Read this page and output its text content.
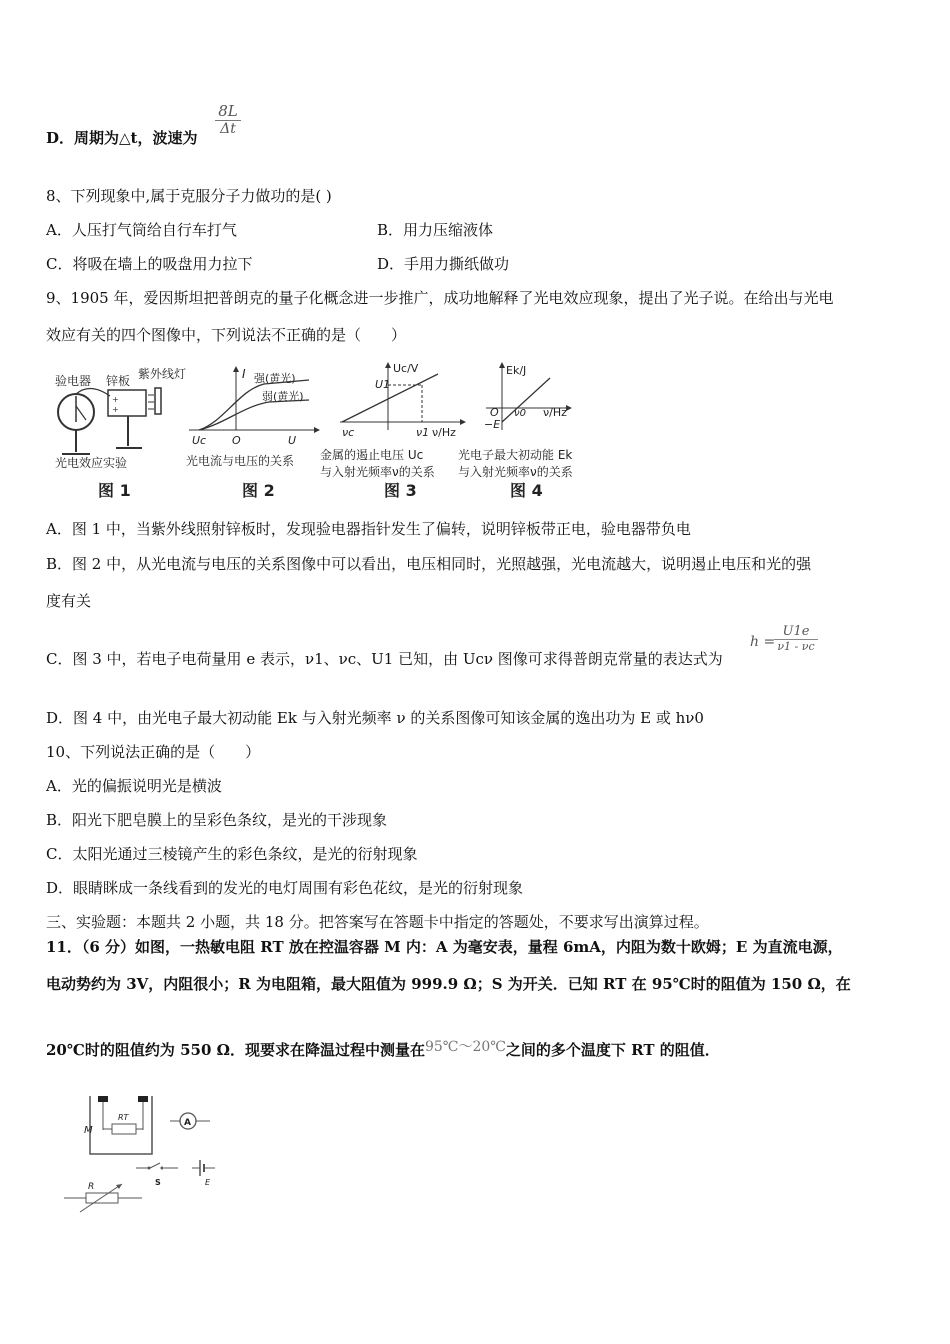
D．周期为△t，波速为
$\frac{8L}{\Delta t}$
8、下列现象中,属于克服分子力做功的是( )
A．人压打气筒给自行车打气	B．用力压缩液体
C．将吸在墙上的吸盘用力拉下	D．手用力撕纸做功
9、1905 年，爱因斯坦把普朗克的量子化概念进一步推广，成功地解释了光电效应现象，提出了光子说。在给出与光电
效应有关的四个图像中，下列说法不正确的是（　　）
验电器 锌板 紫外线灯
+
+
光电效应实验
图 1
I 强(黄光)
弱(黄光)
Uc O	U
光电流与电压的关系
图 2
Uc/V
U1
νc	ν1 ν/Hz
金属的遏止电压 Uc
与入射光频率ν的关系
图 3
Ek/J
O ν0 ν/Hz
−E
光电子最大初动能 Ek
与入射光频率ν的关系
图 4
A．图 1 中，当紫外线照射锌板时，发现验电器指针发生了偏转，说明锌板带正电，验电器带负电
B．图 2 中，从光电流与电压的关系图像中可以看出，电压相同时，光照越强，光电流越大，说明遏止电压和光的强
度有关
C．图 3 中，若电子电荷量用 e 表示，ν1、νc、U1 已知，由 Ucν 图像可求得普朗克常量的表达式为
h =
U1e
ν1 - νc
D．图 4 中，由光电子最大初动能 Ek 与入射光频率 ν 的关系图像可知该金属的逸出功为 E 或 hν0
10、下列说法正确的是（　　）
A．光的偏振说明光是横波
B．阳光下肥皂膜上的呈彩色条纹，是光的干涉现象
C．太阳光通过三棱镜产生的彩色条纹，是光的衍射现象
D．眼睛眯成一条线看到的发光的电灯周围有彩色花纹，是光的衍射现象
三、实验题：本题共 2 小题，共 18 分。把答案写在答题卡中指定的答题处，不要求写出演算过程。
11．（6 分）如图，一热敏电阻 RT 放在控温容器 M 内：A 为毫安表，量程 6mA，内阻为数十欧姆；E 为直流电源，
电动势约为 3V，内阻很小；R 为电阻箱，最大阻值为 999.9 Ω；S 为开关．已知 RT 在 95℃时的阻值为 150 Ω，在
20℃时的阻值约为 550 Ω．现要求在降温过程中测量在95℃～20℃之间的多个温度下 RT 的阻值．
M
RT
A
S	E
R
